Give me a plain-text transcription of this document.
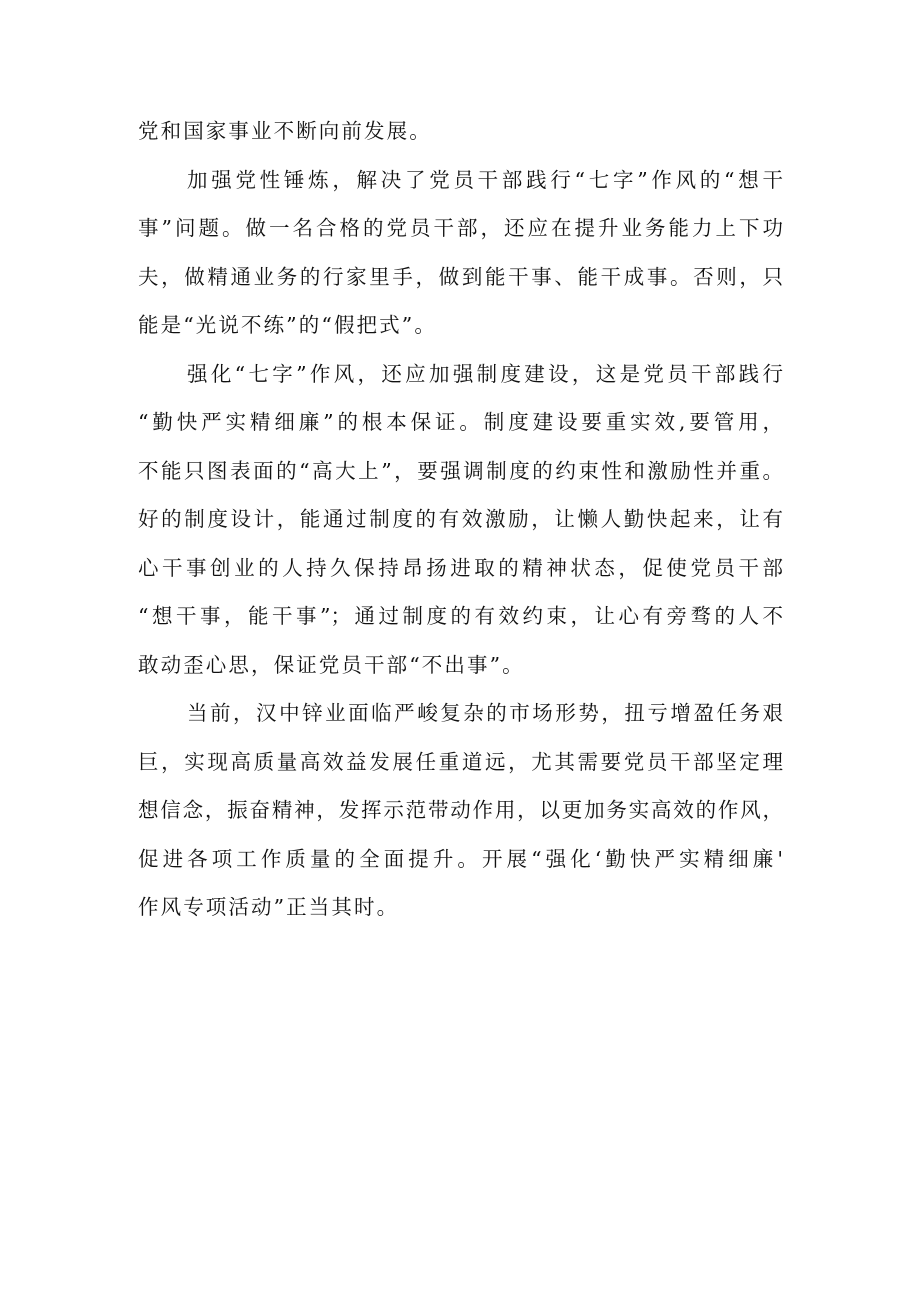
党和国家事业不断向前发展。
加强党性锤炼，解决了党员干部践行“七字”作风的“想干
事”问题。做一名合格的党员干部，还应在提升业务能力上下功
夫，做精通业务的行家里手，做到能干事、能干成事。否则，只
能是“光说不练”的“假把式”。
强化“七字”作风，还应加强制度建设，这是党员干部践行
“勤快严实精细廉”的根本保证。制度建设要重实效,要管用，
不能只图表面的“高大上”，要强调制度的约束性和激励性并重。
好的制度设计，能通过制度的有效激励，让懒人勤快起来，让有
心干事创业的人持久保持昂扬进取的精神状态，促使党员干部
“想干事，能干事”；通过制度的有效约束，让心有旁骛的人不
敢动歪心思，保证党员干部“不出事”。
当前，汉中锌业面临严峻复杂的市场形势，扭亏增盈任务艰
巨，实现高质量高效益发展任重道远，尤其需要党员干部坚定理
想信念，振奋精神，发挥示范带动作用，以更加务实高效的作风，
促进各项工作质量的全面提升。开展“强化‘勤快严实精细廉'
作风专项活动”正当其时。
